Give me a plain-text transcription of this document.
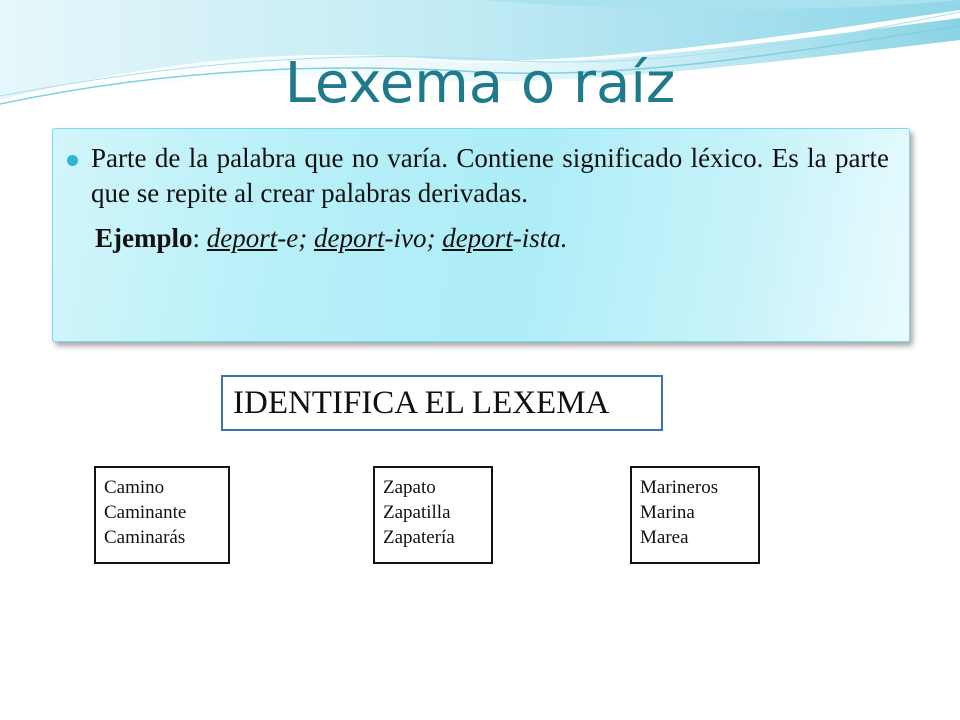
Lexema o raíz

Parte de la palabra que no varía. Contiene significado léxico. Es la parte que se repite al crear palabras derivadas.

Ejemplo: deport-e; deport-ivo; deport-ista.
IDENTIFICA EL LEXEMA
Camino
Caminante
Caminarás
Zapato
Zapatilla
Zapatería
Marineros
Marina
Marea
